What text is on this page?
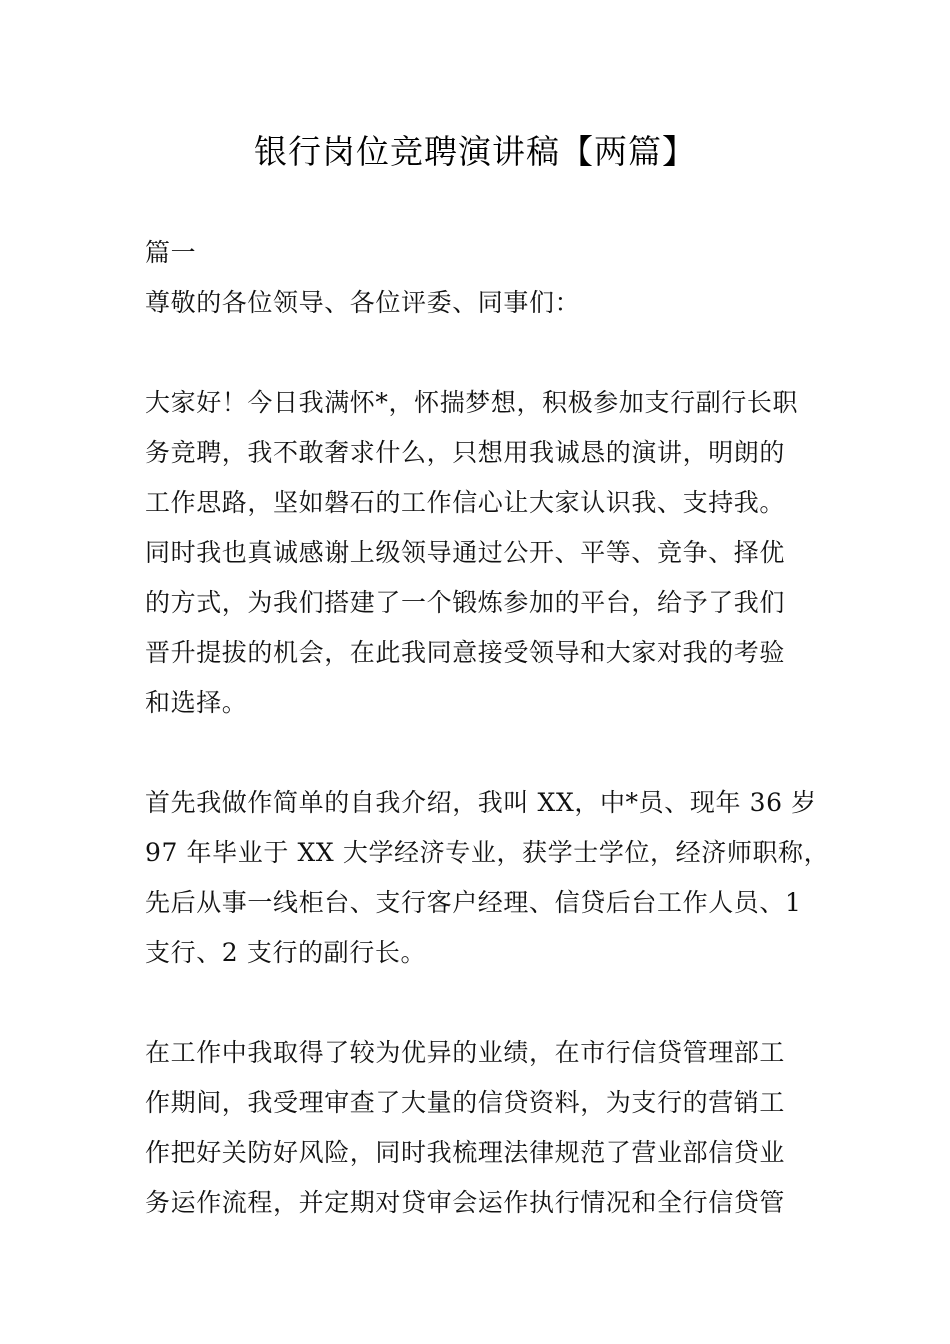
银行岗位竞聘演讲稿【两篇】
篇一
尊敬的各位领导、各位评委、同事们：
大家好！今日我满怀*，怀揣梦想，积极参加支行副行长职
务竞聘，我不敢奢求什么，只想用我诚恳的演讲，明朗的
工作思路，坚如磐石的工作信心让大家认识我、支持我。
同时我也真诚感谢上级领导通过公开、平等、竞争、择优
的方式，为我们搭建了一个锻炼参加的平台，给予了我们
晋升提拔的机会，在此我同意接受领导和大家对我的考验
和选择。
首先我做作简单的自我介绍，我叫 XX，中*员、现年 36 岁
97 年毕业于 XX 大学经济专业，获学士学位，经济师职称，
先后从事一线柜台、支行客户经理、信贷后台工作人员、1
支行、2 支行的副行长。
在工作中我取得了较为优异的业绩，在市行信贷管理部工
作期间，我受理审查了大量的信贷资料，为支行的营销工
作把好关防好风险，同时我梳理法律规范了营业部信贷业
务运作流程，并定期对贷审会运作执行情况和全行信贷管
